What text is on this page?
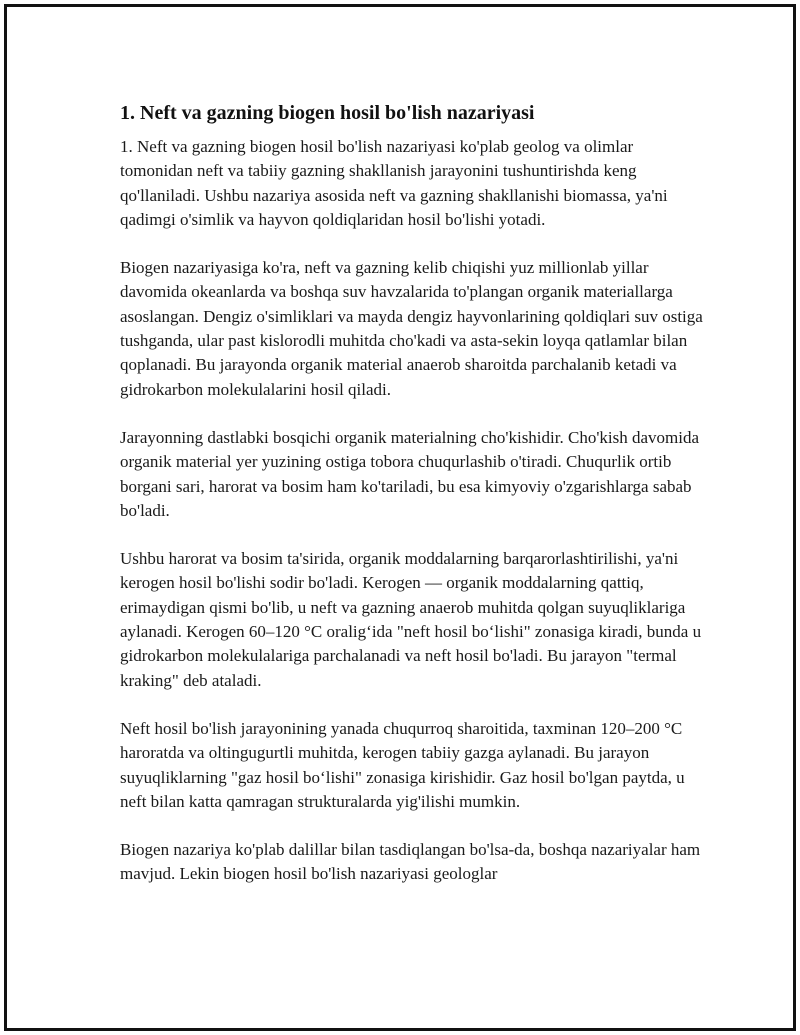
1. Neft va gazning biogen hosil bo'lish nazariyasi

1. Neft va gazning biogen hosil bo'lish nazariyasi ko'plab geolog va olimlar tomonidan neft va tabiiy gazning shakllanish jarayonini tushuntirishda keng qo'llaniladi. Ushbu nazariya asosida neft va gazning shakllanishi biomassa, ya'ni qadimgi o'simlik va hayvon qoldiqlaridan hosil bo'lishi yotadi.

Biogen nazariyasiga ko'ra, neft va gazning kelib chiqishi yuz millionlab yillar davomida okeanlarda va boshqa suv havzalarida to'plangan organik materiallarga asoslangan. Dengiz o'simliklari va mayda dengiz hayvonlarining qoldiqlari suv ostiga tushganda, ular past kislorodli muhitda cho'kadi va asta-sekin loyqa qatlamlar bilan qoplanadi. Bu jarayonda organik material anaerob sharoitda parchalanib ketadi va gidrokarbon molekulalarini hosil qiladi.

Jarayonning dastlabki bosqichi organik materialning cho'kishidir. Cho'kish davomida organik material yer yuzining ostiga tobora chuqurlashib o'tiradi. Chuqurlik ortib borgani sari, harorat va bosim ham ko'tariladi, bu esa kimyoviy o'zgarishlarga sabab bo'ladi.

Ushbu harorat va bosim ta'sirida, organik moddalarning barqarorlashtirilishi, ya'ni kerogen hosil bo'lishi sodir bo'ladi. Kerogen — organik moddalarning qattiq, erimaydigan qismi bo'lib, u neft va gazning anaerob muhitda qolgan suyuqliklariga aylanadi. Kerogen 60–120 °C oralig‘ida "neft hosil bo‘lishi" zonasiga kiradi, bunda u gidrokarbon molekulalariga parchalanadi va neft hosil bo'ladi. Bu jarayon "termal kraking" deb ataladi.

Neft hosil bo'lish jarayonining yanada chuqurroq sharoitida, taxminan 120–200 °C haroratda va oltingugurtli muhitda, kerogen tabiiy gazga aylanadi. Bu jarayon suyuqliklarning "gaz hosil bo‘lishi" zonasiga kirishidir. Gaz hosil bo'lgan paytda, u neft bilan katta qamragan strukturalarda yig'ilishi mumkin.

Biogen nazariya ko'plab dalillar bilan tasdiqlangan bo'lsa-da, boshqa nazariyalar ham mavjud. Lekin biogen hosil bo'lish nazariyasi geologlar
